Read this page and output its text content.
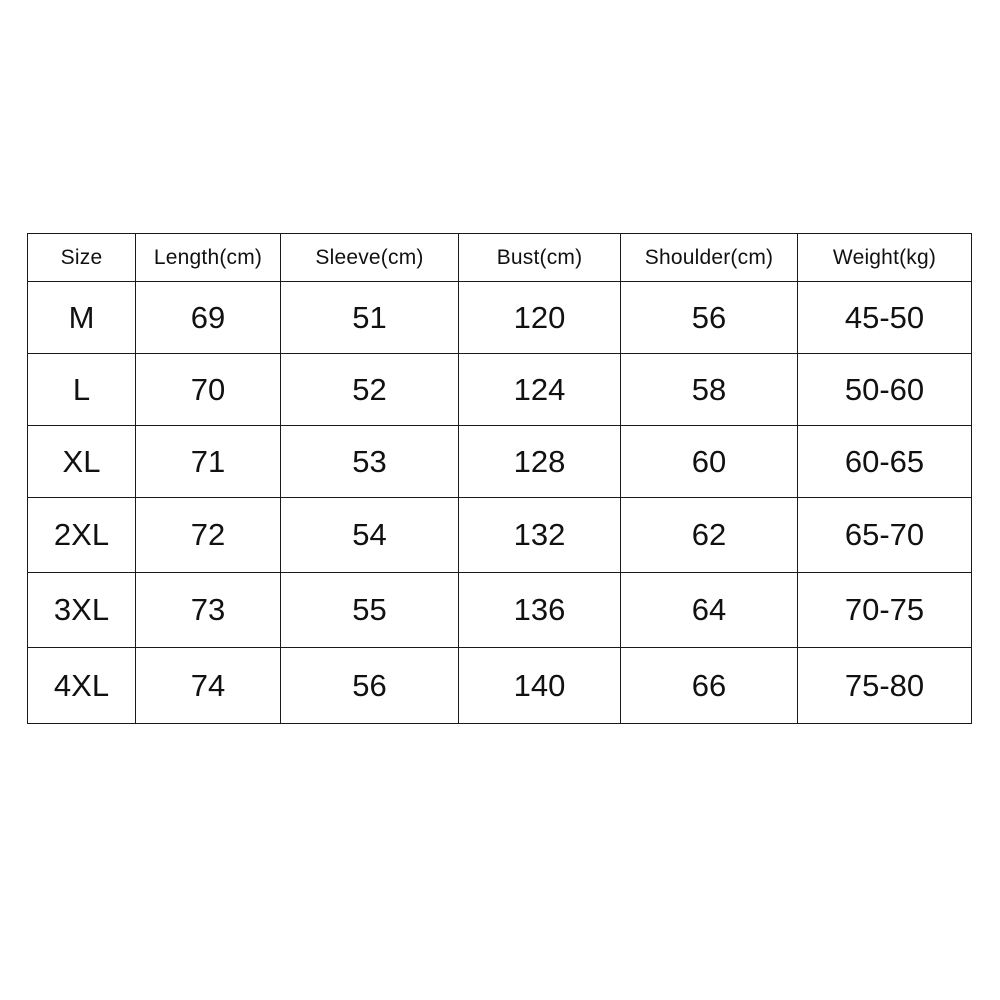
Size	Length(cm)	Sleeve(cm)	Bust(cm)	Shoulder(cm)	Weight(kg)
M	69	51	120	56	45-50
L	70	52	124	58	50-60
XL	71	53	128	60	60-65
2XL	72	54	132	62	65-70
3XL	73	55	136	64	70-75
4XL	74	56	140	66	75-80
